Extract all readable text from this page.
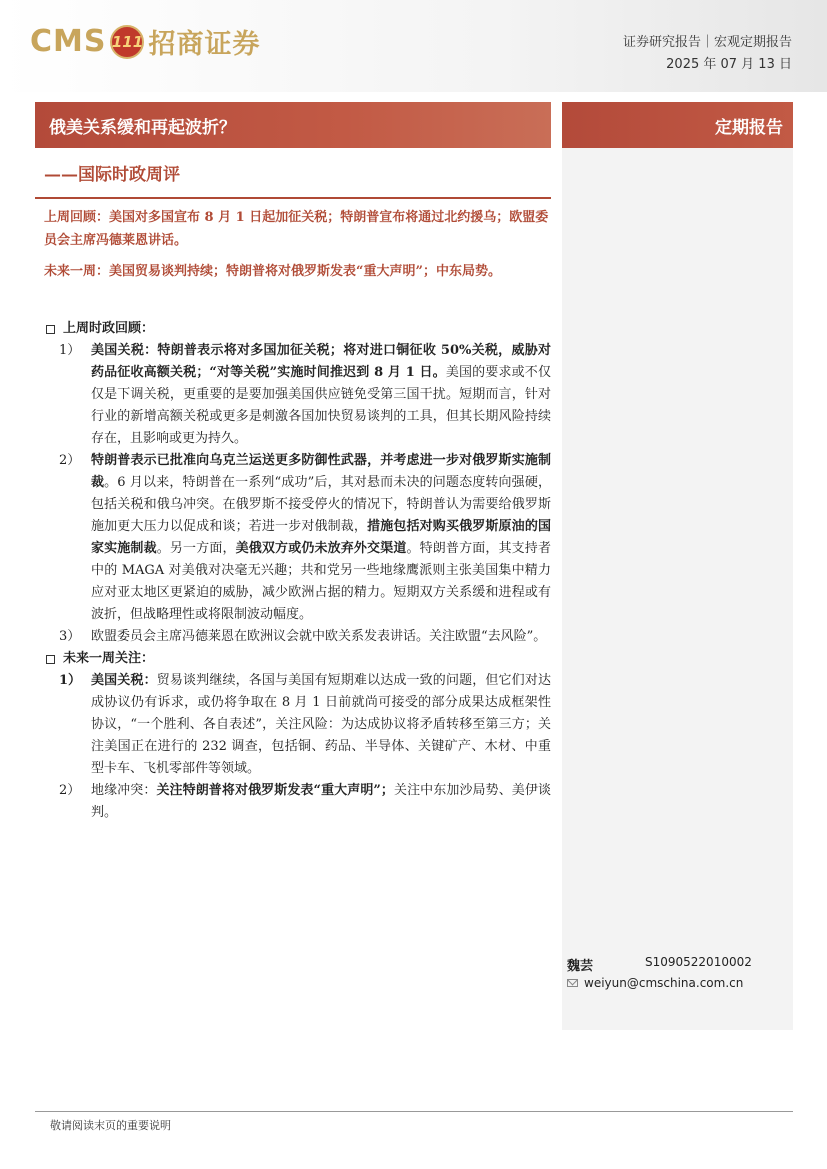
CMS 111 招商证券	证券研究报告｜宏观定期报告
2025 年 07 月 13 日
俄美关系缓和再起波折？	定期报告
——国际时政周评
上周回顾：美国对多国宣布 8 月 1 日起加征关税；特朗普宣布将通过北约援乌；欧盟委员会主席冯德莱恩讲话。
未来一周：美国贸易谈判持续；特朗普将对俄罗斯发表“重大声明”；中东局势。
上周时政回顾：
1） 美国关税：特朗普表示将对多国加征关税；将对进口铜征收 50%关税，威胁对药品征收高额关税；“对等关税”实施时间推迟到 8 月 1 日。美国的要求或不仅仅是下调关税，更重要的是要加强美国供应链免受第三国干扰。短期而言，针对行业的新增高额关税或更多是刺激各国加快贸易谈判的工具，但其长期风险持续存在，且影响或更为持久。
2） 特朗普表示已批准向乌克兰运送更多防御性武器，并考虑进一步对俄罗斯实施制裁。6 月以来，特朗普在一系列“成功”后，其对悬而未决的问题态度转向强硬，包括关税和俄乌冲突。在俄罗斯不接受停火的情况下，特朗普认为需要给俄罗斯施加更大压力以促成和谈；若进一步对俄制裁，措施包括对购买俄罗斯原油的国家实施制裁。另一方面，美俄双方或仍未放弃外交渠道。特朗普方面，其支持者中的 MAGA 对美俄对决毫无兴趣；共和党另一些地缘鹰派则主张美国集中精力应对亚太地区更紧迫的威胁，减少欧洲占据的精力。短期双方关系缓和进程或有波折，但战略理性或将限制波动幅度。
3） 欧盟委员会主席冯德莱恩在欧洲议会就中欧关系发表讲话。关注欧盟“去风险”。
未来一周关注：
1） 美国关税：贸易谈判继续，各国与美国有短期难以达成一致的问题，但它们对达成协议仍有诉求，或仍将争取在 8 月 1 日前就尚可接受的部分成果达成框架性协议，“一个胜利、各自表述”，关注风险：为达成协议将矛盾转移至第三方；关注美国正在进行的 232 调查，包括铜、药品、半导体、关键矿产、木材、中重型卡车、飞机零部件等领域。
2） 地缘冲突：关注特朗普将对俄罗斯发表“重大声明”；关注中东加沙局势、美伊谈判。
魏芸	S1090522010002
weiyun@cmschina.com.cn
敬请阅读末页的重要说明
